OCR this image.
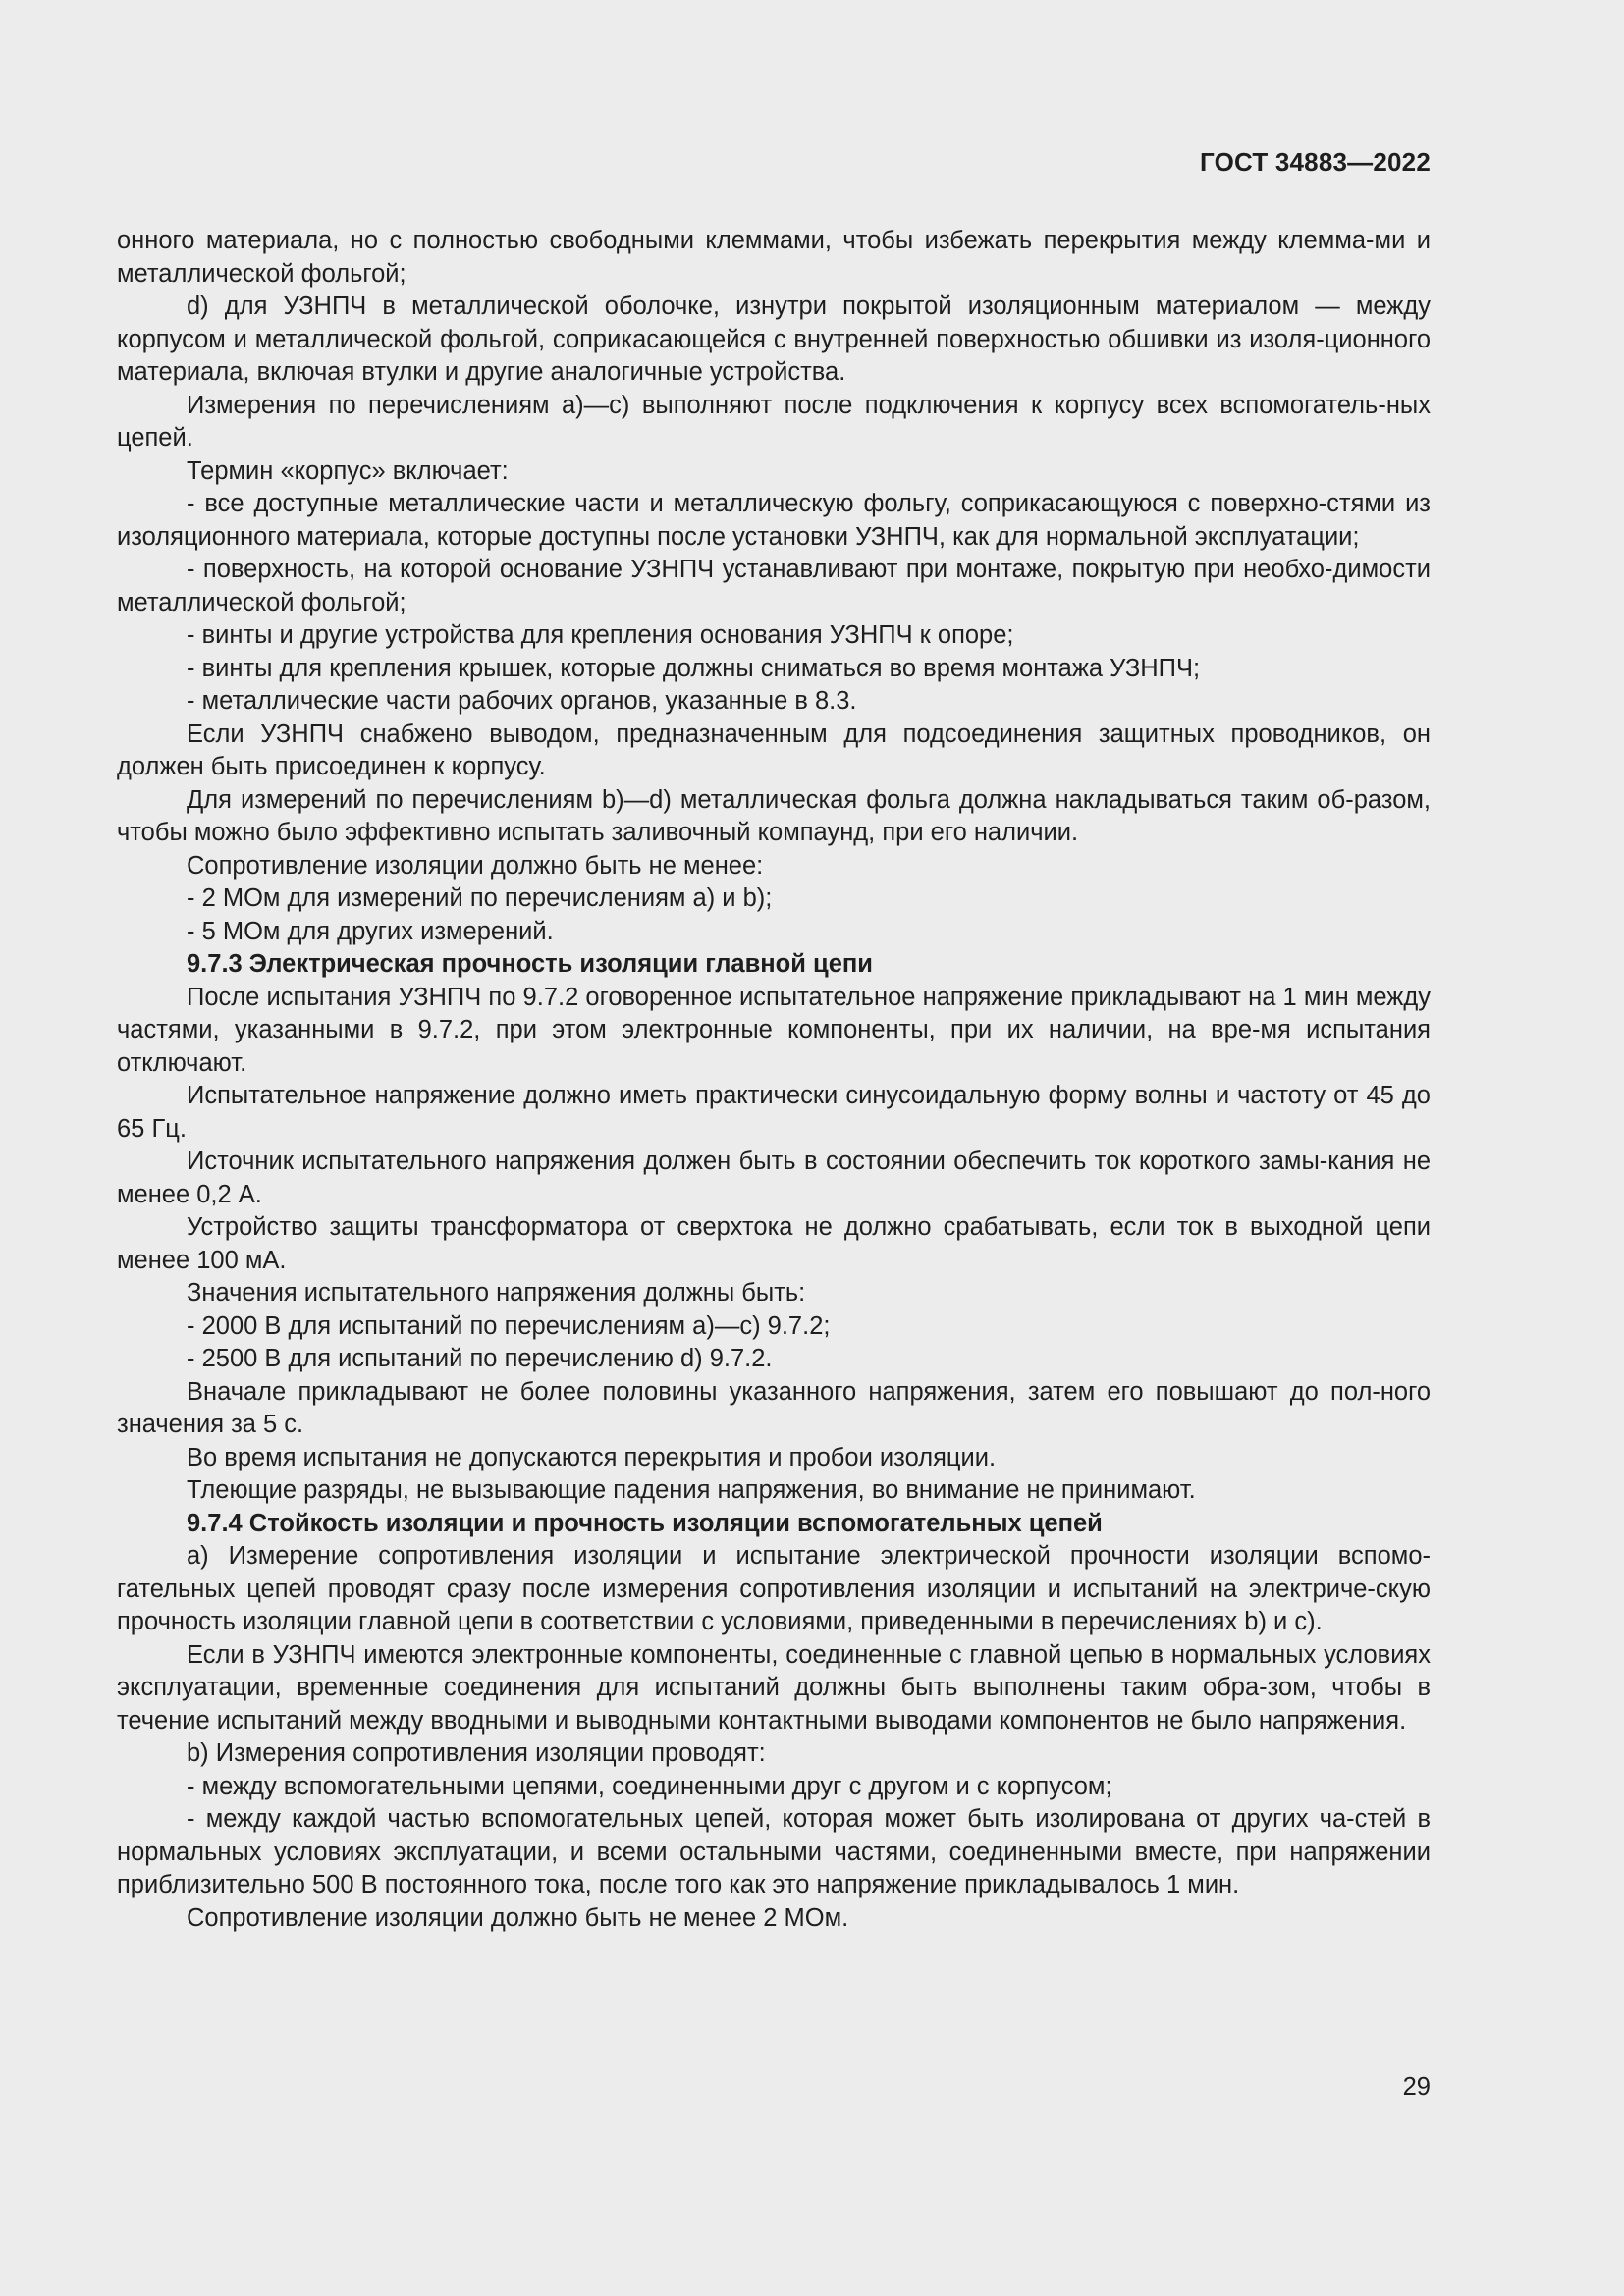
ГОСТ 34883—2022

онного материала, но с полностью свободными клеммами, чтобы избежать перекрытия между клемма-ми и металлической фольгой;

d) для УЗНПЧ в металлической оболочке, изнутри покрытой изоляционным материалом — между корпусом и металлической фольгой, соприкасающейся с внутренней поверхностью обшивки из изоля-ционного материала, включая втулки и другие аналогичные устройства.

Измерения по перечислениям а)—с) выполняют после подключения к корпусу всех вспомогатель-ных цепей.

Термин «корпус» включает:

- все доступные металлические части и металлическую фольгу, соприкасающуюся с поверхно-стями из изоляционного материала, которые доступны после установки УЗНПЧ, как для нормальной эксплуатации;

- поверхность, на которой основание УЗНПЧ устанавливают при монтаже, покрытую при необхо-димости металлической фольгой;

- винты и другие устройства для крепления основания УЗНПЧ к опоре;

- винты для крепления крышек, которые должны сниматься во время монтажа УЗНПЧ;

- металлические части рабочих органов, указанные в 8.3.

Если УЗНПЧ снабжено выводом, предназначенным для подсоединения защитных проводников, он должен быть присоединен к корпусу.

Для измерений по перечислениям b)—d) металлическая фольга должна накладываться таким об-разом, чтобы можно было эффективно испытать заливочный компаунд, при его наличии.

Сопротивление изоляции должно быть не менее:

- 2 МОм для измерений по перечислениям а) и b);

- 5 МОм для других измерений.

9.7.3 Электрическая прочность изоляции главной цепи

После испытания УЗНПЧ по 9.7.2 оговоренное испытательное напряжение прикладывают на 1 мин между частями, указанными в 9.7.2, при этом электронные компоненты, при их наличии, на вре-мя испытания отключают.

Испытательное напряжение должно иметь практически синусоидальную форму волны и частоту от 45 до 65 Гц.

Источник испытательного напряжения должен быть в состоянии обеспечить ток короткого замы-кания не менее 0,2 А.

Устройство защиты трансформатора от сверхтока не должно срабатывать, если ток в выходной цепи менее 100 мА.

Значения испытательного напряжения должны быть:

- 2000 В для испытаний по перечислениям а)—с) 9.7.2;

- 2500 В для испытаний по перечислению d) 9.7.2.

Вначале прикладывают не более половины указанного напряжения, затем его повышают до пол-ного значения за 5 с.

Во время испытания не допускаются перекрытия и пробои изоляции.

Тлеющие разряды, не вызывающие падения напряжения, во внимание не принимают.

9.7.4 Стойкость изоляции и прочность изоляции вспомогательных цепей

а) Измерение сопротивления изоляции и испытание электрической прочности изоляции вспомо-гательных цепей проводят сразу после измерения сопротивления изоляции и испытаний на электриче-скую прочность изоляции главной цепи в соответствии с условиями, приведенными в перечислениях b) и с).

Если в УЗНПЧ имеются электронные компоненты, соединенные с главной цепью в нормальных условиях эксплуатации, временные соединения для испытаний должны быть выполнены таким обра-зом, чтобы в течение испытаний между вводными и выводными контактными выводами компонентов не было напряжения.

b) Измерения сопротивления изоляции проводят:

- между вспомогательными цепями, соединенными друг с другом и с корпусом;

- между каждой частью вспомогательных цепей, которая может быть изолирована от других ча-стей в нормальных условиях эксплуатации, и всеми остальными частями, соединенными вместе, при напряжении приблизительно 500 В постоянного тока, после того как это напряжение прикладывалось 1 мин.

Сопротивление изоляции должно быть не менее 2 МОм.

29
